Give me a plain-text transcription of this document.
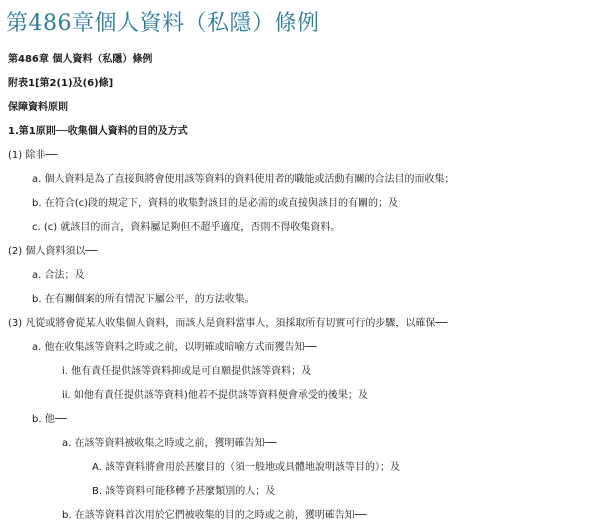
第486章個人資料（私隱）條例
第486章 個人資料（私隱）條例
附表1[第2(1)及(6)條]
保障資料原則
1.第1原則──收集個人資料的目的及方式
(1) 除非──
a. 個人資料是為了直接與將會使用該等資料的資料使用者的職能或活動有關的合法目的而收集；
b. 在符合(c)段的規定下，資料的收集對該目的是必需的或直接與該目的有關的；及
c. (c) 就該目的而言，資料屬足夠但不超乎適度，否則不得收集資料。
(2) 個人資料須以──
a. 合法；及
b. 在有關個案的所有情況下屬公平，的方法收集。
(3) 凡從或將會從某人收集個人資料，而該人是資料當事人，須採取所有切實可行的步驟，以確保──
a. 他在收集該等資料之時或之前，以明確或暗喻方式而獲告知──
i. 他有責任提供該等資料抑或是可自願提供該等資料；及
ii. 如他有責任提供該等資料)他若不提供該等資料便會承受的後果；及
b. 他──
a. 在該等資料被收集之時或之前，獲明確告知──
A. 該等資料將會用於甚麼目的（須一般地或具體地說明該等目的）；及
B. 該等資料可能移轉予甚麼類別的人；及
b. 在該等資料首次用於它們被收集的目的之時或之前，獲明確告知──
